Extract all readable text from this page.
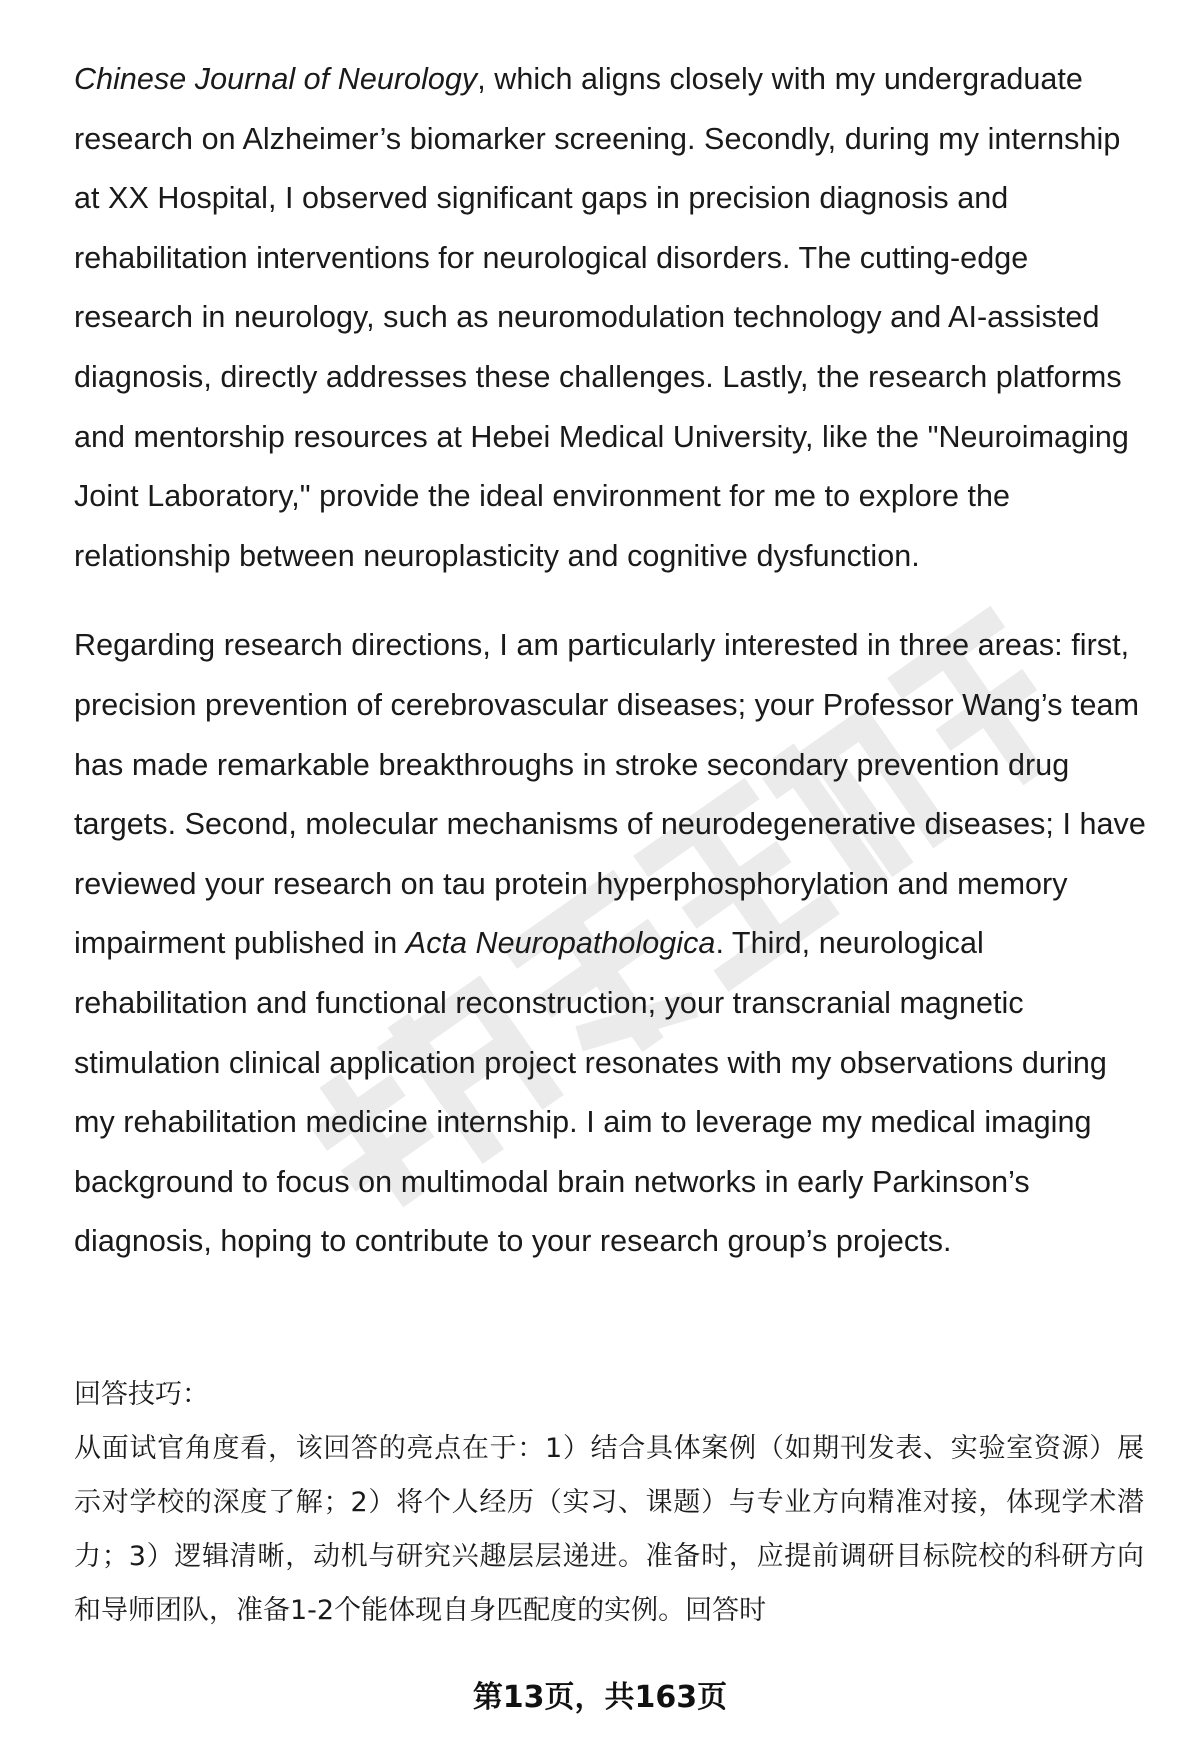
Chinese Journal of Neurology, which aligns closely with my undergraduate research on Alzheimer’s biomarker screening. Secondly, during my internship at XX Hospital, I observed significant gaps in precision diagnosis and rehabilitation interventions for neurological disorders. The cutting-edge research in neurology, such as neuromodulation technology and AI-assisted diagnosis, directly addresses these challenges. Lastly, the research platforms and mentorship resources at Hebei Medical University, like the "Neuroimaging Joint Laboratory," provide the ideal environment for me to explore the relationship between neuroplasticity and cognitive dysfunction.

Regarding research directions, I am particularly interested in three areas: first, precision prevention of cerebrovascular diseases; your Professor Wang’s team has made remarkable breakthroughs in stroke secondary prevention drug targets. Second, molecular mechanisms of neurodegenerative diseases; I have reviewed your research on tau protein hyperphosphorylation and memory impairment published in Acta Neuropathologica. Third, neurological rehabilitation and functional reconstruction; your transcranial magnetic stimulation clinical application project resonates with my observations during my rehabilitation medicine internship. I aim to leverage my medical imaging background to focus on multimodal brain networks in early Parkinson’s diagnosis, hoping to contribute to your research group’s projects.

回答技巧：

从面试官角度看，该回答的亮点在于：1）结合具体案例（如期刊发表、实验室资源）展示对学校的深度了解；2）将个人经历（实习、课题）与专业方向精准对接，体现学术潜力；3）逻辑清晰，动机与研究兴趣层层递进。准备时，应提前调研目标院校的科研方向和导师团队，准备1-2个能体现自身匹配度的实例。回答时

第13页，共163页
